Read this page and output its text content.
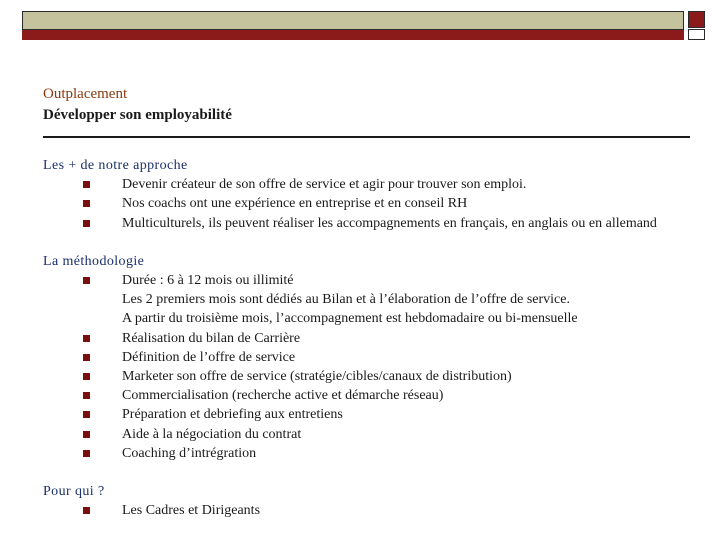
Outplacement
Développer son employabilité
Les + de notre approche
Devenir créateur de son offre de service et agir pour trouver son emploi.
Nos coachs ont une expérience en entreprise et en conseil RH
Multiculturels, ils peuvent réaliser les accompagnements en français, en anglais ou en allemand
La méthodologie
Durée : 6 à 12 mois ou illimité
Les 2 premiers mois sont dédiés au Bilan et à l’élaboration de l’offre de service.
A partir du troisième mois, l’accompagnement est hebdomadaire ou bi-mensuelle
Réalisation du bilan de Carrière
Définition de l’offre de service
Marketer son offre de service (stratégie/cibles/canaux de distribution)
Commercialisation (recherche active et démarche réseau)
Préparation et debriefing aux entretiens
Aide à la négociation du contrat
Coaching d’intrégration
Pour qui ?
Les Cadres et Dirigeants
